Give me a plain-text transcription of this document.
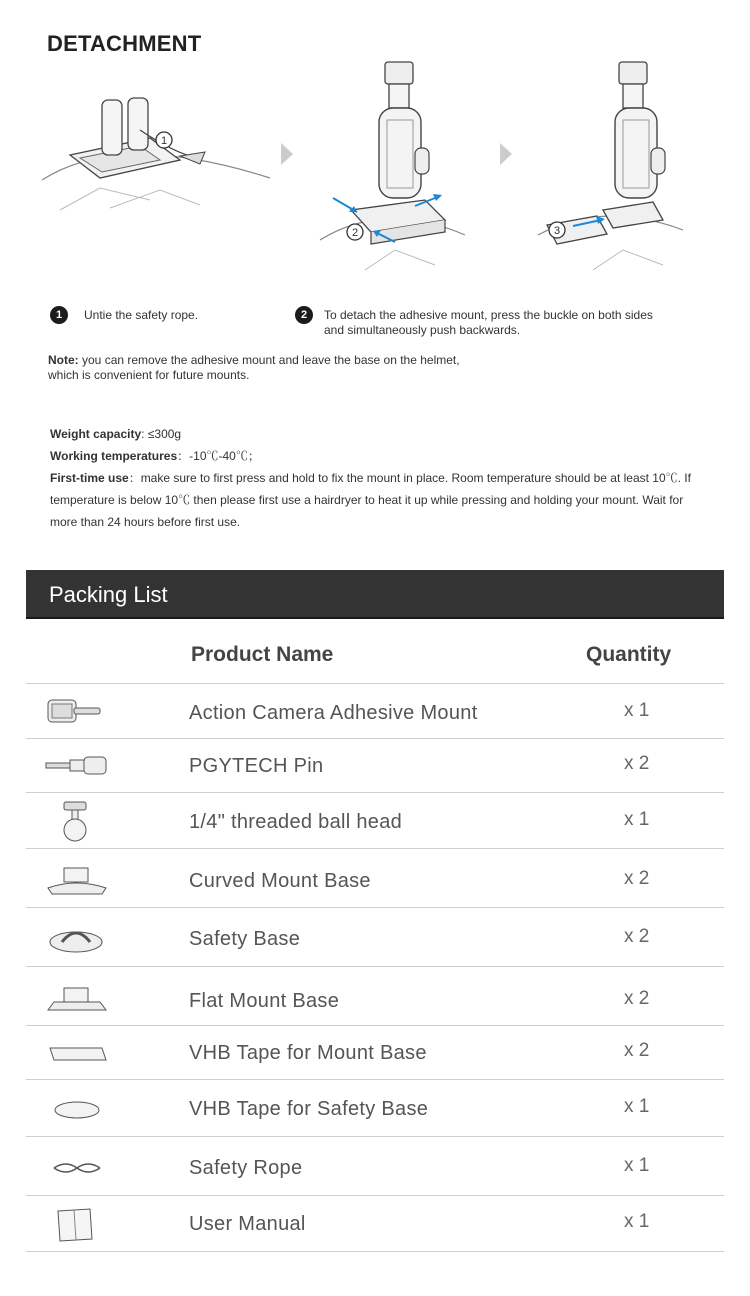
DETACHMENT
1
2	3
1	Untie the safety rope.	2	To detach the adhesive mount, press the buckle on both sides
and simultaneously push backwards.
Note: you can remove the adhesive mount and leave the base on the helmet,
which is convenient for future mounts.
Weight capacity: ≤300g
Working temperatures：-10℃-40℃；
First-time use：make sure to first press and hold to fix the mount in place. Room temperature should be at least 10℃. If temperature is below 10℃ then please first use a hairdryer to heat it up while pressing and holding your mount. Wait for more than 24 hours before first use.
Packing List
Product Name	Quantity
Action Camera Adhesive Mount	x 1
PGYTECH Pin	x 2
1/4" threaded ball head	x 1
Curved Mount Base	x 2
Safety Base	x 2
Flat Mount Base	x 2
VHB Tape for Mount Base	x 2
VHB Tape for Safety Base	x 1
Safety Rope	x 1
User Manual	x 1
